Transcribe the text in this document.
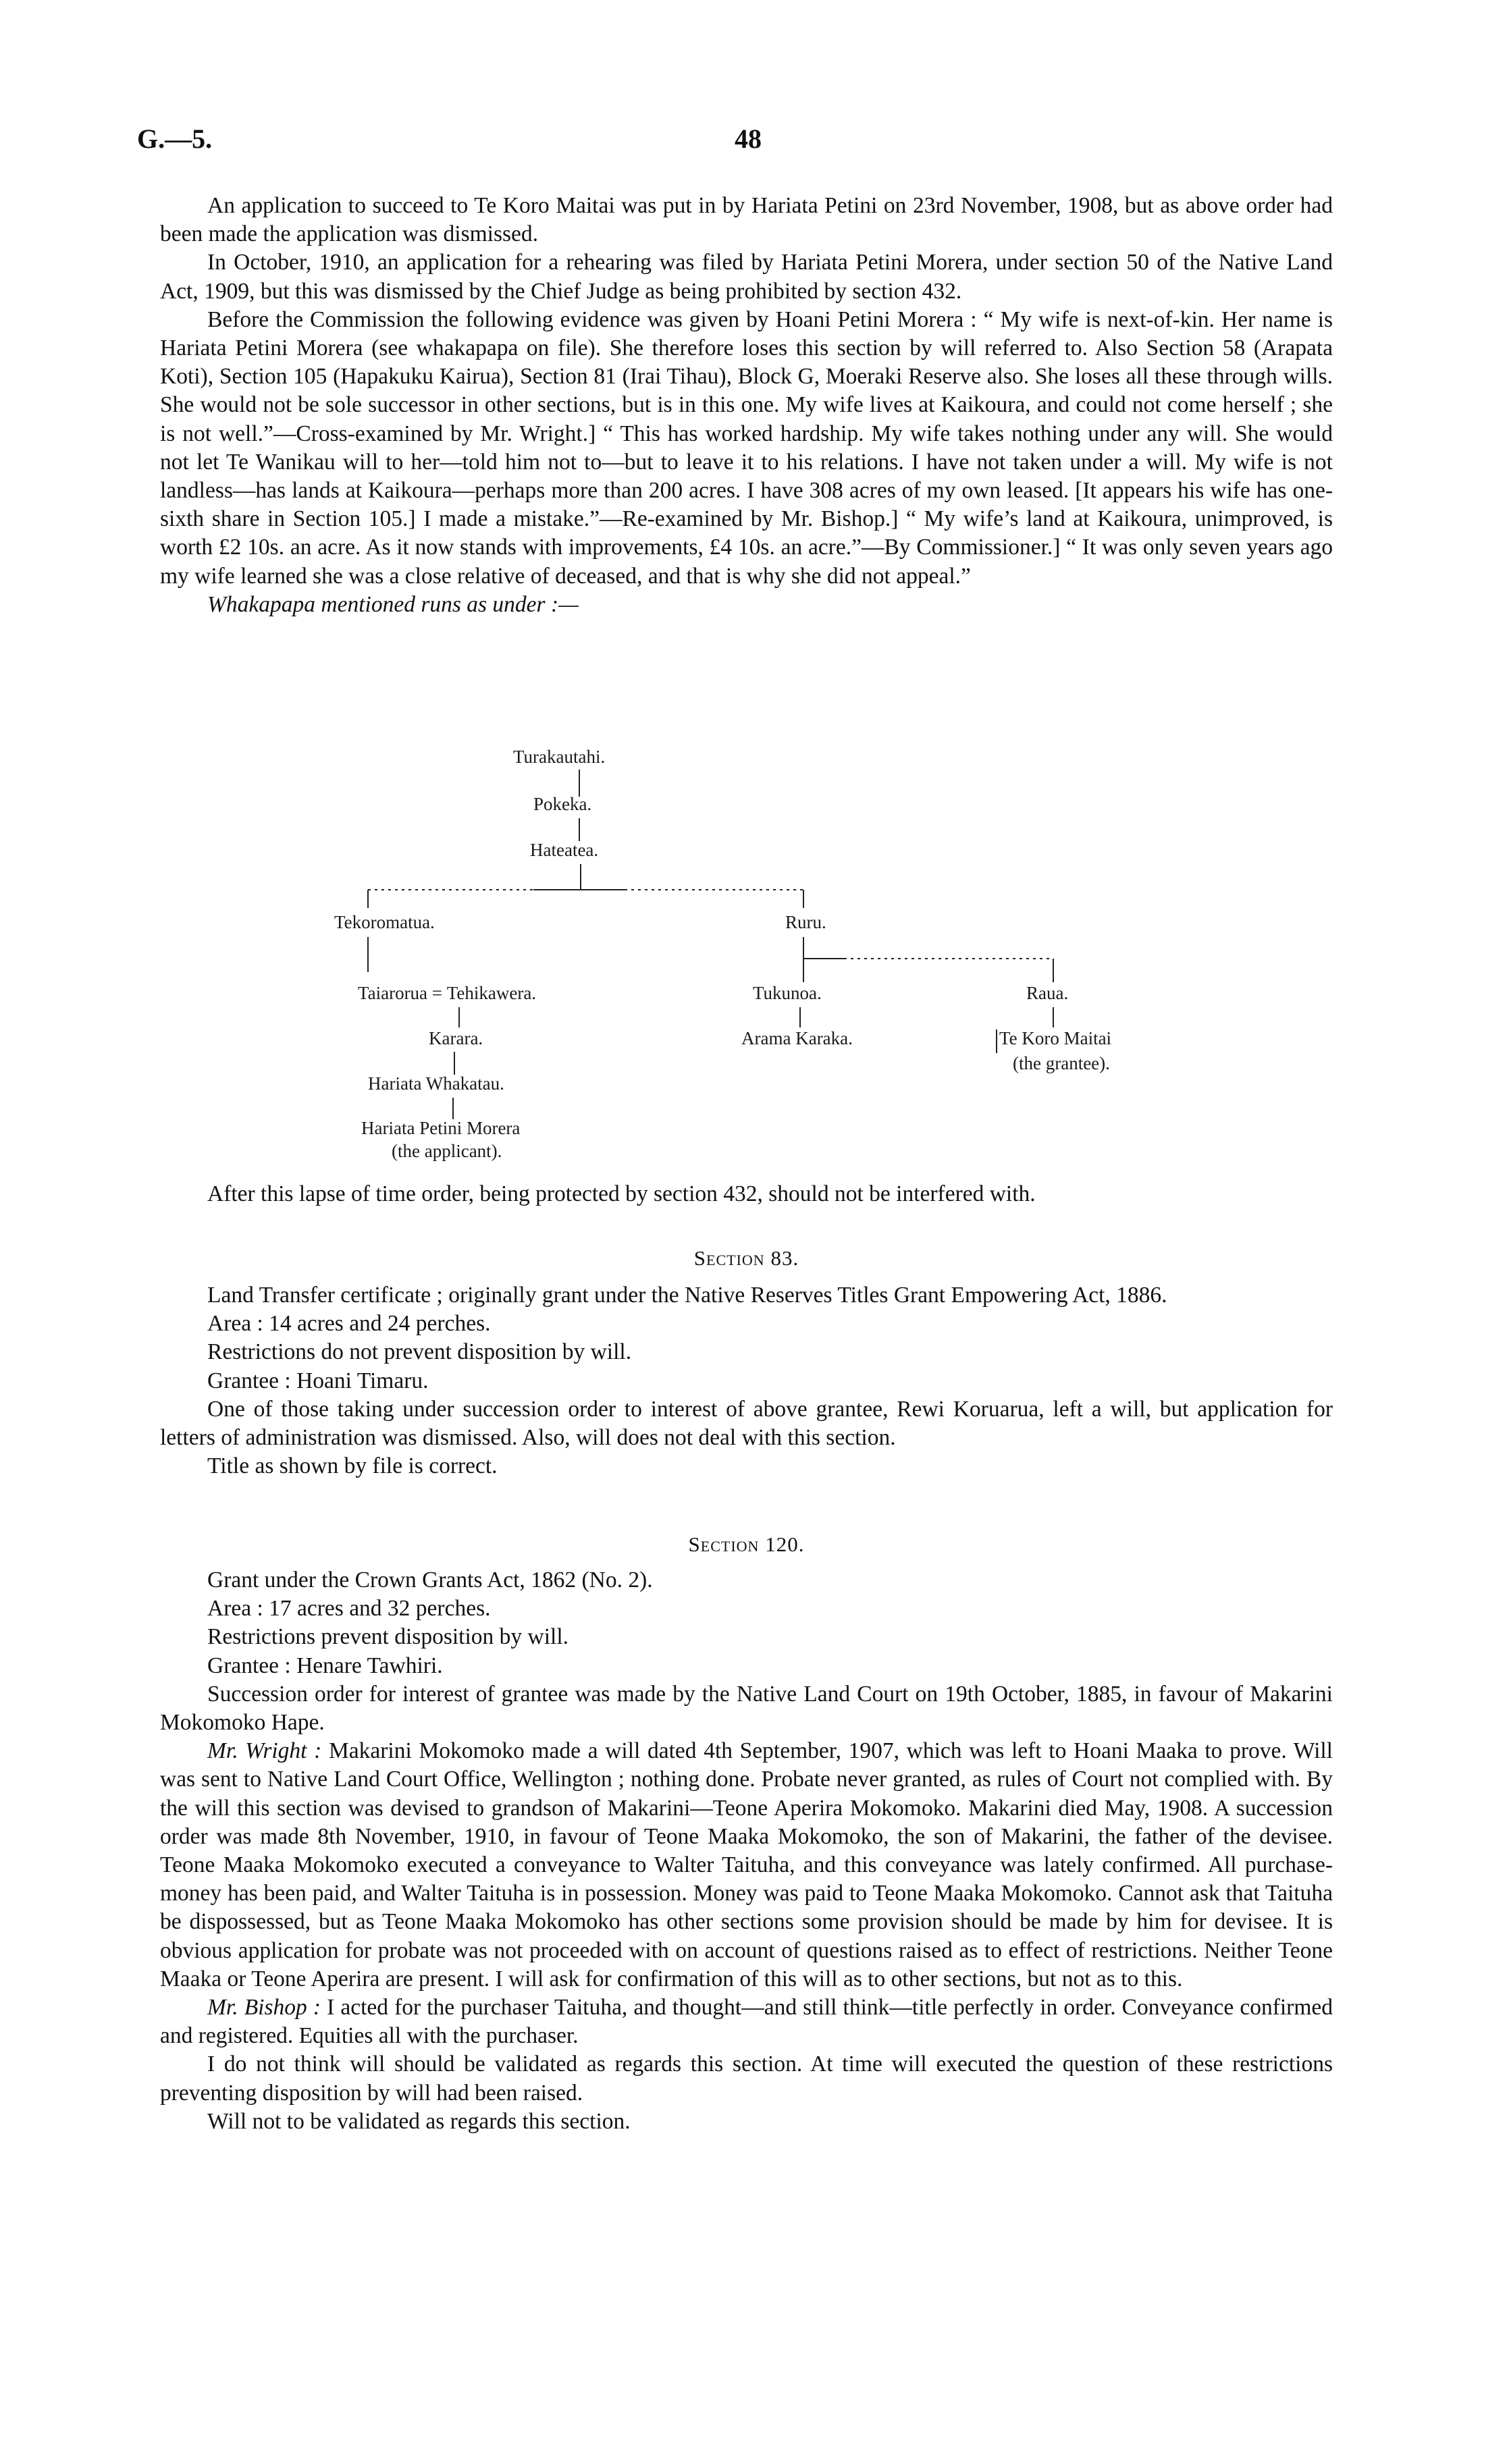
G.—5.	48

An application to succeed to Te Koro Maitai was put in by Hariata Petini on 23rd November, 1908, but as above order had been made the application was dismissed.

In October, 1910, an application for a rehearing was filed by Hariata Petini Morera, under section 50 of the Native Land Act, 1909, but this was dismissed by the Chief Judge as being prohibited by section 432.

Before the Commission the following evidence was given by Hoani Petini Morera : “ My wife is next-of-kin. Her name is Hariata Petini Morera (see whakapapa on file). She therefore loses this section by will referred to. Also Section 58 (Arapata Koti), Section 105 (Hapakuku Kairua), Section 81 (Irai Tihau), Block G, Moeraki Reserve also. She loses all these through wills. She would not be sole successor in other sections, but is in this one. My wife lives at Kaikoura, and could not come herself ; she is not well.”—Cross-examined by Mr. Wright.] “ This has worked hardship. My wife takes nothing under any will. She would not let Te Wanikau will to her—told him not to—but to leave it to his relations. I have not taken under a will. My wife is not landless—has lands at Kaikoura—perhaps more than 200 acres. I have 308 acres of my own leased. [It appears his wife has one-sixth share in Section 105.] I made a mistake.”—Re-examined by Mr. Bishop.] “ My wife’s land at Kaikoura, unimproved, is worth £2 10s. an acre. As it now stands with improvements, £4 10s. an acre.”—By Commissioner.] “ It was only seven years ago my wife learned she was a close relative of deceased, and that is why she did not appeal.”

Whakapapa mentioned runs as under :—

Turakautahi.
Pokeka.
Hateatea.
Tekoromatua.	Ruru.
Taiaroruа = Tehikawera.	Tukunoa.	Raua.
Karara.	Arama Karaka.	Te Koro Maitai
(the grantee).
Hariata Whakatau.
Hariata Petini Morera
(the applicant).

After this lapse of time order, being protected by section 432, should not be interfered with.

Section 83.

Land Transfer certificate ; originally grant under the Native Reserves Titles Grant Empowering Act, 1886.

Area : 14 acres and 24 perches.

Restrictions do not prevent disposition by will.

Grantee : Hoani Timaru.

One of those taking under succession order to interest of above grantee, Rewi Koruarua, left a will, but application for letters of administration was dismissed. Also, will does not deal with this section.

Title as shown by file is correct.

Section 120.

Grant under the Crown Grants Act, 1862 (No. 2).

Area : 17 acres and 32 perches.

Restrictions prevent disposition by will.

Grantee : Henare Tawhiri.

Succession order for interest of grantee was made by the Native Land Court on 19th October, 1885, in favour of Makarini Mokomoko Hape.

Mr. Wright : Makarini Mokomoko made a will dated 4th September, 1907, which was left to Hoani Maaka to prove. Will was sent to Native Land Court Office, Wellington ; nothing done. Probate never granted, as rules of Court not complied with. By the will this section was devised to grandson of Makarini—Teone Aperira Mokomoko. Makarini died May, 1908. A succession order was made 8th November, 1910, in favour of Teone Maaka Mokomoko, the son of Makarini, the father of the devisee. Teone Maaka Mokomoko executed a conveyance to Walter Taituha, and this conveyance was lately confirmed. All purchase-money has been paid, and Walter Taituha is in possession. Money was paid to Teone Maaka Mokomoko. Cannot ask that Taituha be dispossessed, but as Teone Maaka Mokomoko has other sections some provision should be made by him for devisee. It is obvious application for probate was not proceeded with on account of questions raised as to effect of restrictions. Neither Teone Maaka or Teone Aperira are present. I will ask for confirmation of this will as to other sections, but not as to this.

Mr. Bishop : I acted for the purchaser Taituha, and thought—and still think—title perfectly in order. Conveyance confirmed and registered. Equities all with the purchaser.

I do not think will should be validated as regards this section. At time will executed the question of these restrictions preventing disposition by will had been raised.

Will not to be validated as regards this section.
